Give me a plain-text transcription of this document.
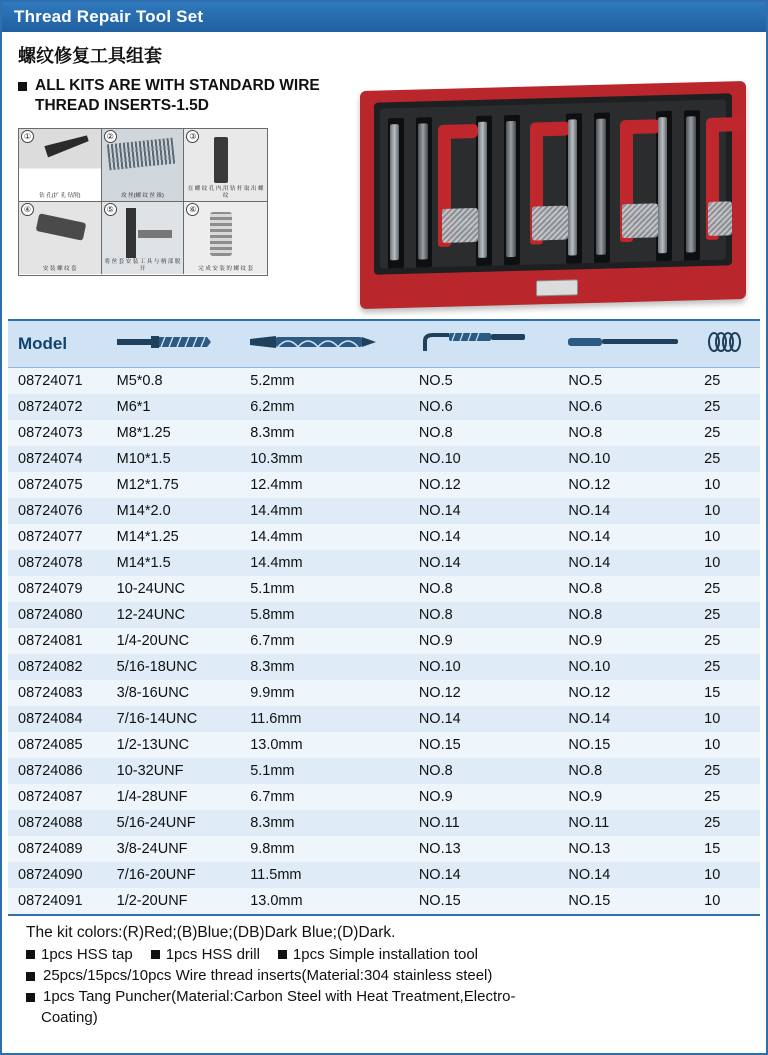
Thread Repair Tool Set
螺纹修复工具组套
ALL KITS ARE WITH STANDARD WIRE THREAD INSERTS-1.5D
①
钻 孔(扩 孔 钻削)
②
攻 丝(螺 纹 丝 锥)
③
在 螺 纹 孔 内,用 钻 杆 取 出 螺 纹
④
安 装 螺 纹 套
⑤
将 丝 套 安 装 工 具 与 柄 部 脱 开
⑥
完 成 安 装 的 螺 纹 套
Model	

08724071	M5*0.8	5.2mm	NO.5	NO.5	25
08724072	M6*1	6.2mm	NO.6	NO.6	25
08724073	M8*1.25	8.3mm	NO.8	NO.8	25
08724074	M10*1.5	10.3mm	NO.10	NO.10	25
08724075	M12*1.75	12.4mm	NO.12	NO.12	10
08724076	M14*2.0	14.4mm	NO.14	NO.14	10
08724077	M14*1.25	14.4mm	NO.14	NO.14	10
08724078	M14*1.5	14.4mm	NO.14	NO.14	10
08724079	10-24UNC	5.1mm	NO.8	NO.8	25
08724080	12-24UNC	5.8mm	NO.8	NO.8	25
08724081	1/4-20UNC	6.7mm	NO.9	NO.9	25
08724082	5/16-18UNC	8.3mm	NO.10	NO.10	25
08724083	3/8-16UNC	9.9mm	NO.12	NO.12	15
08724084	7/16-14UNC	11.6mm	NO.14	NO.14	10
08724085	1/2-13UNC	13.0mm	NO.15	NO.15	10
08724086	10-32UNF	5.1mm	NO.8	NO.8	25
08724087	1/4-28UNF	6.7mm	NO.9	NO.9	25
08724088	5/16-24UNF	8.3mm	NO.11	NO.11	25
08724089	3/8-24UNF	9.8mm	NO.13	NO.13	15
08724090	7/16-20UNF	11.5mm	NO.14	NO.14	10
08724091	1/2-20UNF	13.0mm	NO.15	NO.15	10
The kit colors:(R)Red;(B)Blue;(DB)Dark Blue;(D)Dark.
1pcs HSS tap 1pcs HSS drill 1pcs Simple installation tool
25pcs/15pcs/10pcs Wire thread inserts(Material:304 stainless steel)
1pcs Tang Puncher(Material:Carbon Steel with Heat Treatment,Electro-
Coating)
